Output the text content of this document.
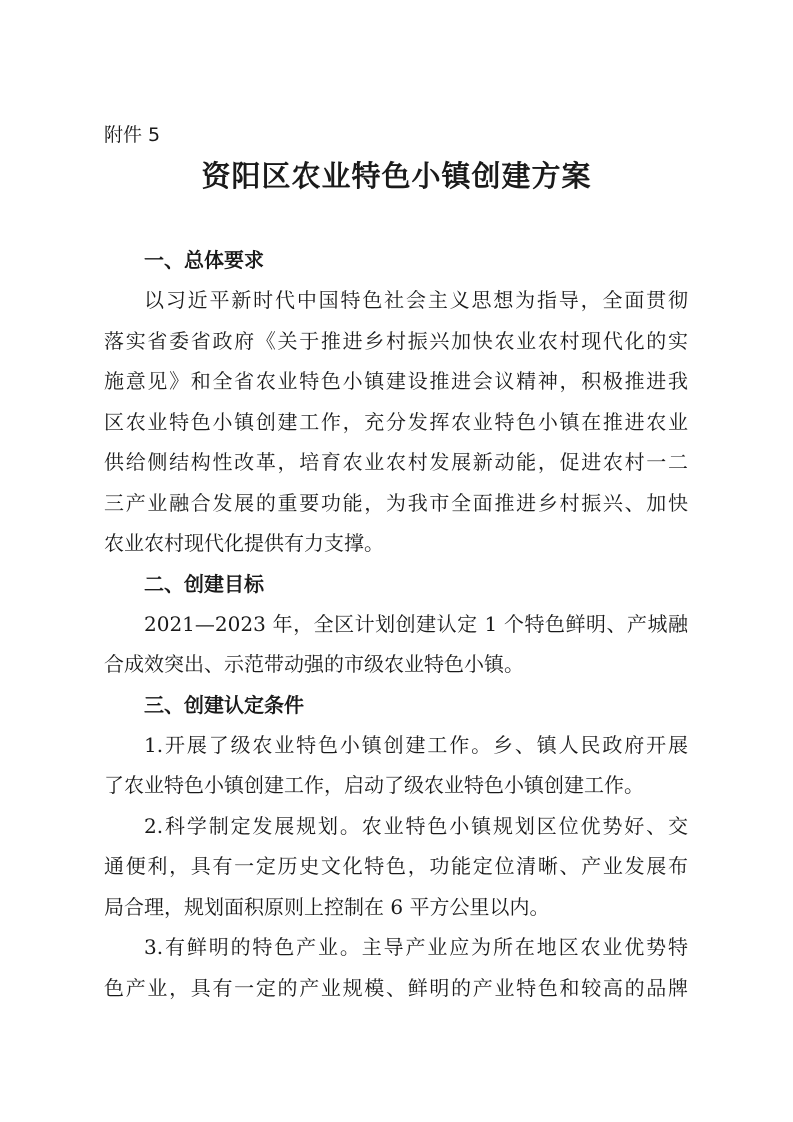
附件 5
资阳区农业特色小镇创建方案
一、总体要求
以习近平新时代中国特色社会主义思想为指导，全面贯彻
落实省委省政府《关于推进乡村振兴加快农业农村现代化的实
施意见》和全省农业特色小镇建设推进会议精神，积极推进我
区农业特色小镇创建工作，充分发挥农业特色小镇在推进农业
供给侧结构性改革，培育农业农村发展新动能，促进农村一二
三产业融合发展的重要功能，为我市全面推进乡村振兴、加快
农业农村现代化提供有力支撑。
二、创建目标
2021—2023 年，全区计划创建认定 1 个特色鲜明、产城融
合成效突出、示范带动强的市级农业特色小镇。
三、创建认定条件
1.开展了级农业特色小镇创建工作。乡、镇人民政府开展
了农业特色小镇创建工作，启动了级农业特色小镇创建工作。
2.科学制定发展规划。农业特色小镇规划区位优势好、交
通便利，具有一定历史文化特色，功能定位清晰、产业发展布
局合理，规划面积原则上控制在 6 平方公里以内。
3.有鲜明的特色产业。主导产业应为所在地区农业优势特
色产业，具有一定的产业规模、鲜明的产业特色和较高的品牌
